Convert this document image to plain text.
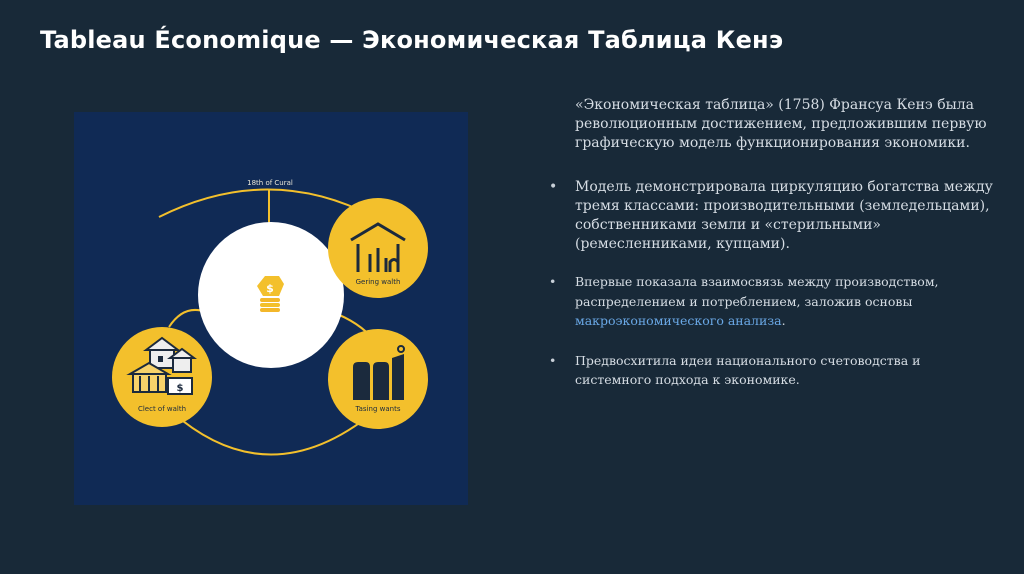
Tableau Économique — Экономическая Таблица Кенэ
18th of Cural
$	Gering walth
$
Clect of walth	Tasing wants

«Экономическая таблица» (1758) Франсуа Кенэ была революционным достижением, предложившим первую графическую модель функционирования экономики.

• Модель демонстрировала циркуляцию богатства между тремя классами: производительными (земледельцами), собственниками земли и «стерильными» (ремесленниками, купцами).
• Впервые показала взаимосвязь между производством, распределением и потреблением, заложив основы макроэкономического анализа.
• Предвосхитила идеи национального счетоводства и системного подхода к экономике.
